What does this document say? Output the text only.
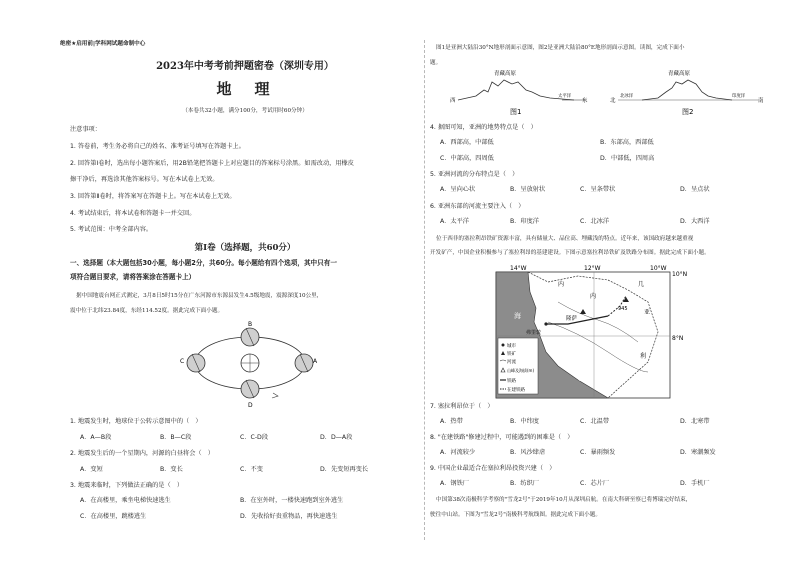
绝密★启用前|学科网试题命制中心
2023年中考考前押题密卷（深圳专用）
地　理
（本卷共32小题，满分100分，考试用时60分钟）
注意事项：
1. 答卷前，考生务必将自己的姓名、准考证号填写在答题卡上。
2. 回答第Ⅰ卷时，选出每小题答案后，用2B铅笔把答题卡上对应题目的答案标号涂黑。如需改动，用橡皮
擦干净后，再选涂其他答案标号。写在本试卷上无效。
3. 回答第Ⅱ卷时，将答案写在答题卡上。写在本试卷上无效。
4. 考试结束后，将本试卷和答题卡一并交回。
5. 考试范围：中考全部内容。
第Ⅰ卷（选择题，共60分）
一、选择题（本大题包括30小题，每小题2分，共60分。每小题给有四个选项，其中只有一
项符合题目要求，请将答案涂在答题卡上）
据中国地震台网正式测定，3月8日5时15分在广东河源市东源县发生4.5级地震，震源深度10公里，
震中位于北纬23.84度，东经114.52度。据此完成下面小题。
B
A
D
C
1. 地震发生时，地球位于公转示意图中的（　）
A．A—B段	B．B—C段	C．C-D段	D．D—A段
2. 地震发生后的一个星期内，河源的白昼将会（　）
A．变短	B．变长	C．不变	D．先变短再变长
3. 地震来临时，下列做法正确的是（　）
A．在高楼里，乘坐电梯快速逃生	B．在室外时，一楼快速跑到室外逃生
C．在高楼里，跳楼逃生	D．先收拾好贵重物品，再快速逃生
图1是亚洲大陆沿30°N地形剖面示意图，图2是亚洲大陆沿80°E地形剖面示意图。读图，完成下面小
题。
青藏高原
西
太平洋
东
图1
青藏高原
北
北冰洋	印度洋
南
图2
4. 据图可知，亚洲的地势特点是（　）
A．西部高，中部低	B．东部高，西部低
C．中部高，四周低	D．中部低，四周高
5. 亚洲河流的分布特点是（　）
A．呈向心状	B．呈放射状	C．呈条带状	D．呈点状
6. 亚洲东部的河流主要注入（　）
A．太平洋	B．印度洋	C．北冰洋	D．大西洋
位于西非的塞拉利昂铁矿资源丰富，具有储量大、品位高、埋藏浅的特点。近年来，该国政府越来越重视
开发矿产，中国企业积极参与了塞拉利昂的基建建设。下图示意塞拉利昂铁矿及铁路分布图。据此完成下面小题。
14°W	12°W	10°W
海
洋
内	几
亚
利
隆萨
弗里敦
内
945
10°N
8°N
城市
铁矿
河流
山峰及海拔(m)
铁路
在建铁路
7. 塞拉利昂位于（　）
A．热带	B．中纬度	C．北温带	D．北寒带
8. "在建铁路"修建过程中，可能遇到的困难是（　）
A．河流较少	B．风沙肆虐	C．暴雨频发	D．寒潮频发
9. 中国企业最适合在塞拉利昂投资兴建（　）
A．钢铁厂	B．纺织厂	C．芯片厂	D．手机厂
中国第38次南极科学考察的"雪龙2号"于2019年10月从深圳启航。在南大科研至察已将博瑞完好结束，
驶往中山站。下图为"雪龙2号"南极科考航线图。据此完成下面小题。
